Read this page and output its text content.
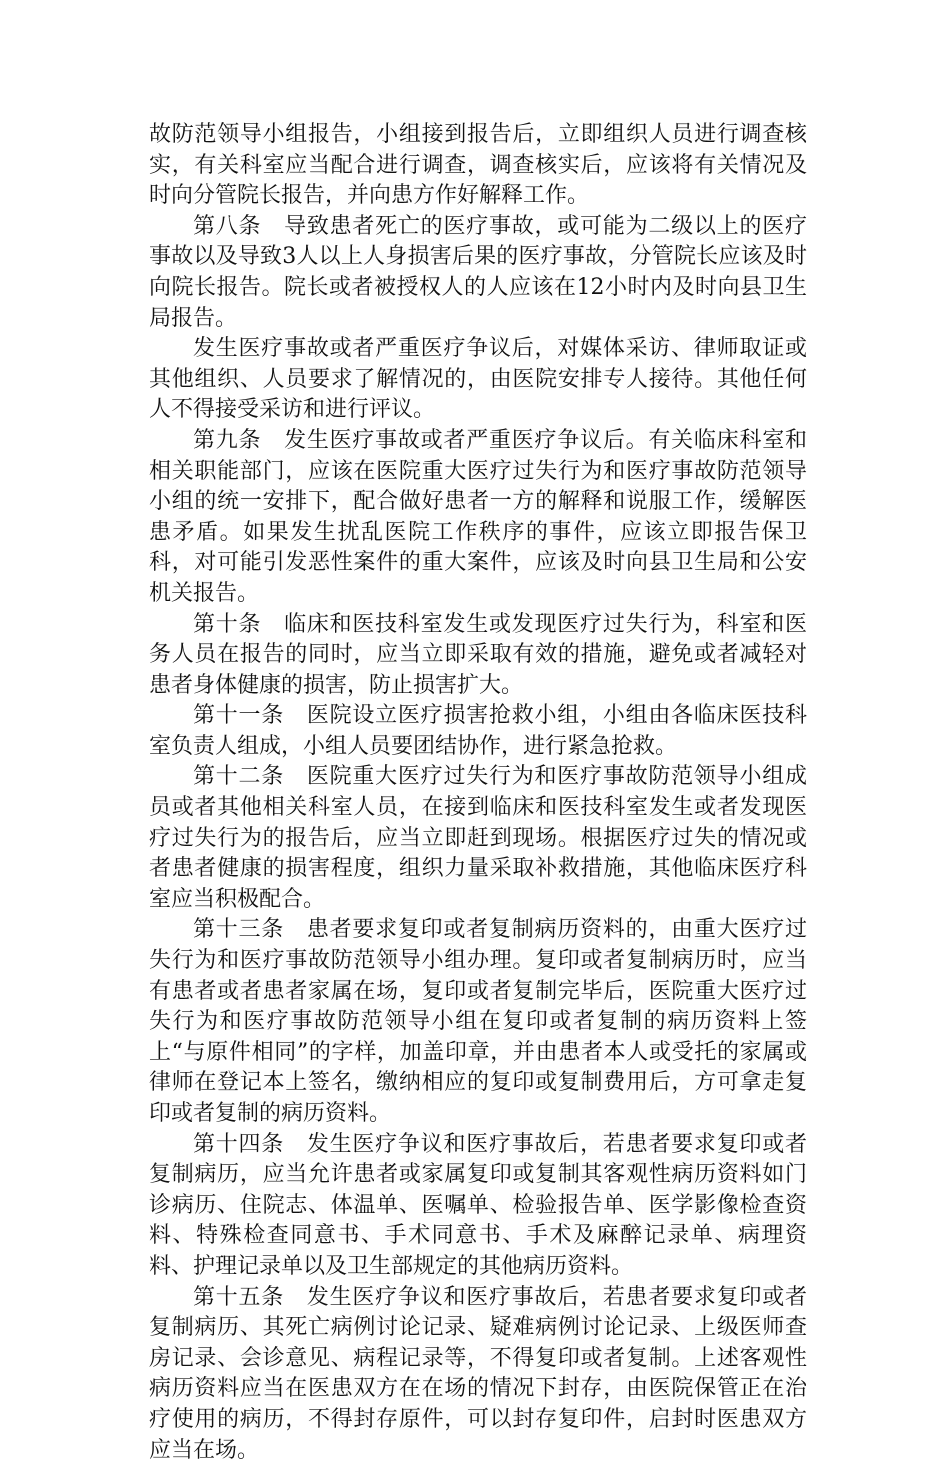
故防范领导小组报告，小组接到报告后，立即组织人员进行调查核实，有关科室应当配合进行调查，调查核实后，应该将有关情况及时向分管院长报告，并向患方作好解释工作。

第八条　导致患者死亡的医疗事故，或可能为二级以上的医疗事故以及导致3人以上人身损害后果的医疗事故，分管院长应该及时向院长报告。院长或者被授权人的人应该在12小时内及时向县卫生局报告。

发生医疗事故或者严重医疗争议后，对媒体采访、律师取证或其他组织、人员要求了解情况的，由医院安排专人接待。其他任何人不得接受采访和进行评议。

第九条　发生医疗事故或者严重医疗争议后。有关临床科室和相关职能部门，应该在医院重大医疗过失行为和医疗事故防范领导小组的统一安排下，配合做好患者一方的解释和说服工作，缓解医患矛盾。如果发生扰乱医院工作秩序的事件，应该立即报告保卫科，对可能引发恶性案件的重大案件，应该及时向县卫生局和公安机关报告。

第十条　临床和医技科室发生或发现医疗过失行为，科室和医务人员在报告的同时，应当立即采取有效的措施，避免或者减轻对患者身体健康的损害，防止损害扩大。

第十一条　医院设立医疗损害抢救小组，小组由各临床医技科室负责人组成，小组人员要团结协作，进行紧急抢救。

第十二条　医院重大医疗过失行为和医疗事故防范领导小组成员或者其他相关科室人员，在接到临床和医技科室发生或者发现医疗过失行为的报告后，应当立即赶到现场。根据医疗过失的情况或者患者健康的损害程度，组织力量采取补救措施，其他临床医疗科室应当积极配合。

第十三条　患者要求复印或者复制病历资料的，由重大医疗过失行为和医疗事故防范领导小组办理。复印或者复制病历时，应当有患者或者患者家属在场，复印或者复制完毕后，医院重大医疗过失行为和医疗事故防范领导小组在复印或者复制的病历资料上签上“与原件相同”的字样，加盖印章，并由患者本人或受托的家属或律师在登记本上签名，缴纳相应的复印或复制费用后，方可拿走复印或者复制的病历资料。

第十四条　发生医疗争议和医疗事故后，若患者要求复印或者复制病历，应当允许患者或家属复印或复制其客观性病历资料如门诊病历、住院志、体温单、医嘱单、检验报告单、医学影像检查资料、特殊检查同意书、手术同意书、手术及麻醉记录单、病理资料、护理记录单以及卫生部规定的其他病历资料。

第十五条　发生医疗争议和医疗事故后，若患者要求复印或者复制病历、其死亡病例讨论记录、疑难病例讨论记录、上级医师查房记录、会诊意见、病程记录等，不得复印或者复制。上述客观性病历资料应当在医患双方在在场的情况下封存，由医院保管正在治疗使用的病历，不得封存原件，可以封存复印件，启封时医患双方应当在场。
